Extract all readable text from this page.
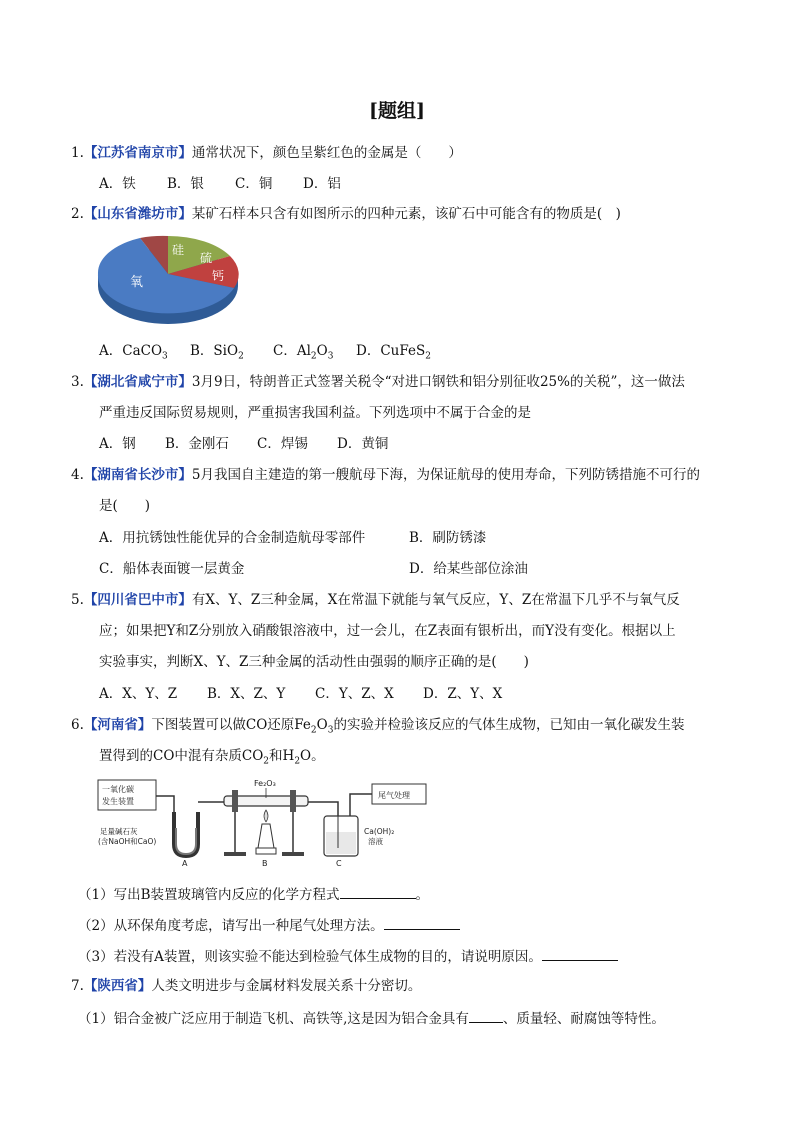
[题组]
1.【江苏省南京市】通常状况下，颜色呈紫红色的金属是（　　）
A．铁 B．银 C．铜 D．铝
2.【山东省潍坊市】某矿石样本只含有如图所示的四种元素，该矿石中可能含有的物质是(　)
氧
硅
硫
钙
A．CaCO$_3$ B．SiO$_2$ C．$Al_2O_3$ D．CuFeS$_2$
3.【湖北省咸宁市】3月9日，特朗普正式签署关税令“对进口钢铁和铝分别征收25%的关税”，这一做法
严重违反国际贸易规则，严重损害我国利益。下列选项中不属于合金的是
A．钢 B．金刚石 C．焊锡 D．黄铜
4.【湖南省长沙市】5月我国自主建造的第一艘航母下海，为保证航母的使用寿命，下列防锈措施不可行的
是(　　)
A．用抗锈蚀性能优异的合金制造航母零部件	B．刷防锈漆
C．船体表面镀一层黄金	D．给某些部位涂油
5.【四川省巴中市】有X、Y、Z三种金属，X在常温下就能与氧气反应，Y、Z在常温下几乎不与氧气反
应；如果把Y和Z分别放入硝酸银溶液中，过一会儿，在Z表面有银析出，而Y没有变化。根据以上
实验事实，判断X、Y、Z三种金属的活动性由强弱的顺序正确的是(　　)
A．X、Y、Z B．X、Z、Y C．Y、Z、X D．Z、Y、X
6.【河南省】下图装置可以做CO还原$Fe_2O_3$的实验并检验该反应的气体生成物，已知由一氧化碳发生装
置得到的CO中混有杂质$CO_2$和$H_2O$。
一氧化碳
发生装置
足量碱石灰
(含NaOH和CaO)
Fe₂O₃
尾气处理
Ca(OH)₂
溶液
A	B	C
（1）写出B装置玻璃管内反应的化学方程式	。
（2）从环保角度考虑，请写出一种尾气处理方法。
（3）若没有A装置，则该实验不能达到检验气体生成物的目的，请说明原因。
7.【陕西省】人类文明进步与金属材料发展关系十分密切。
（1）铝合金被广泛应用于制造飞机、高铁等,这是因为铝合金具有	、质量轻、耐腐蚀等特性。
